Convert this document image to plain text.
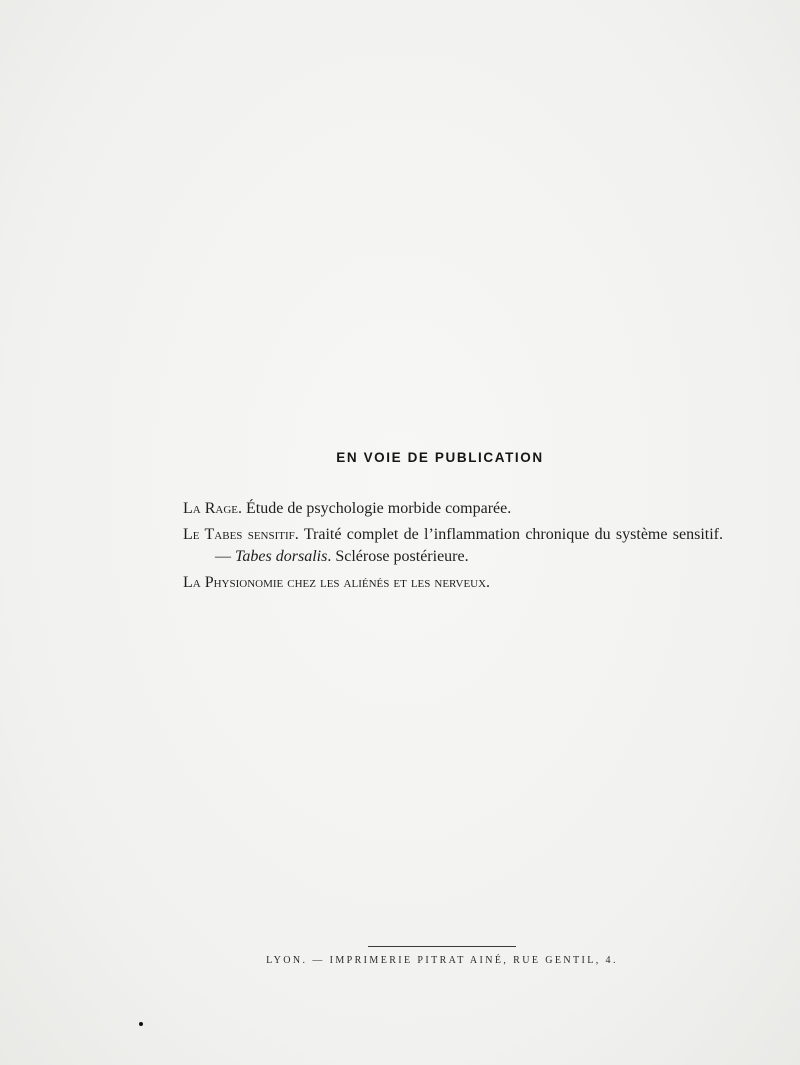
EN VOIE DE PUBLICATION

La Rage. Étude de psychologie morbide comparée.

Le Tabes sensitif. Traité complet de l’inflammation chronique du système sensitif. — Tabes dorsalis. Sclérose postérieure.

La Physionomie chez les aliénés et les nerveux.

LYON. — IMPRIMERIE PITRAT AINÉ, RUE GENTIL, 4.
